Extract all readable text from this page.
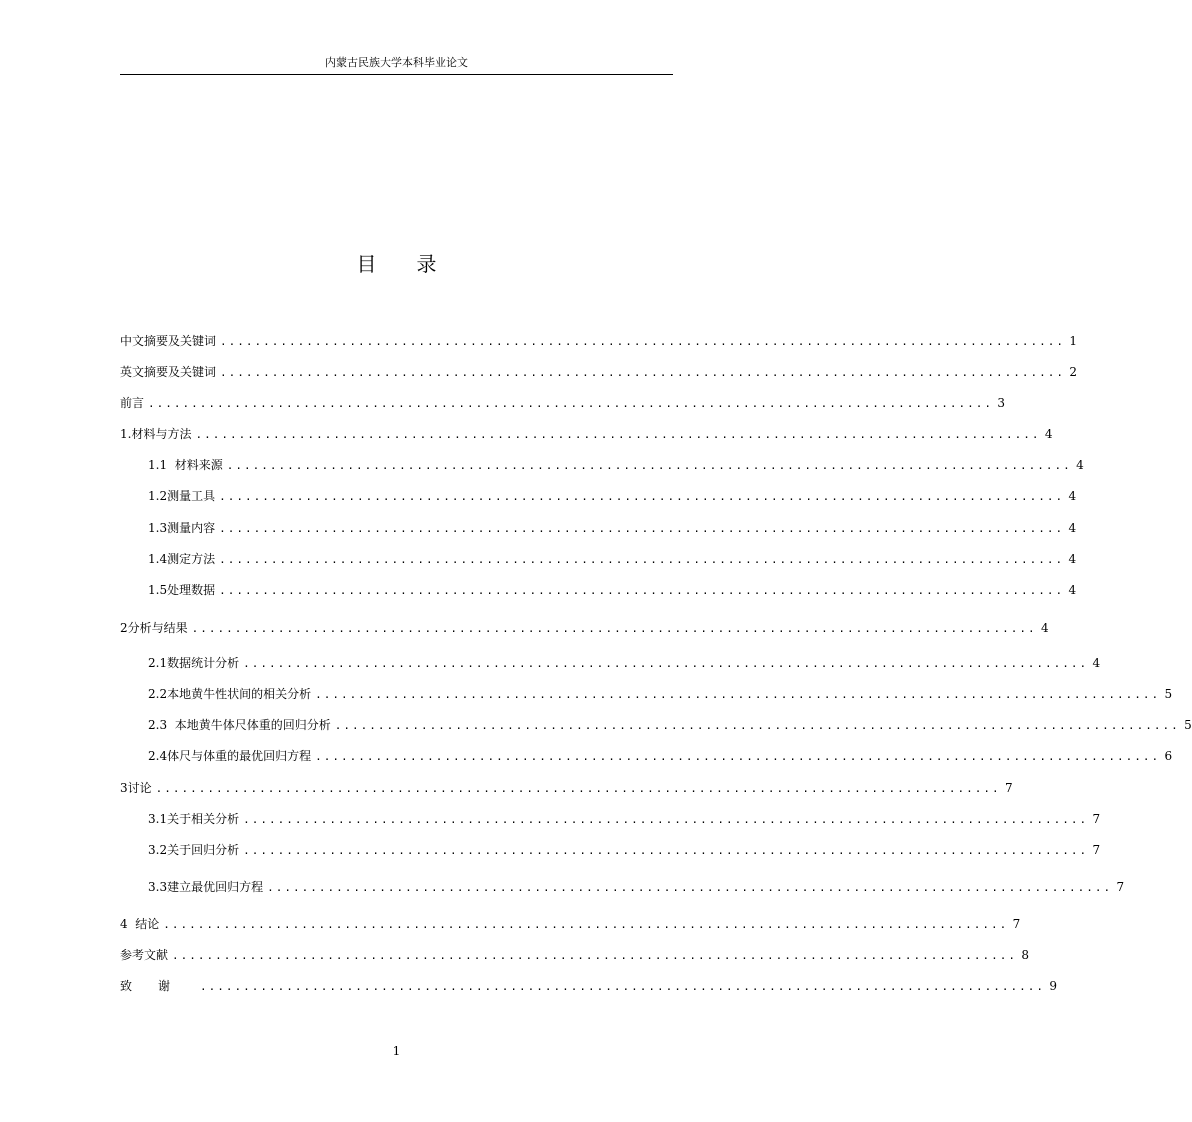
内蒙古民族大学本科毕业论文
目　　录
中文摘要及关键词 .................................................................................................. 1
英文摘要及关键词 .................................................................................................. 2
前言 .................................................................................................. 3
1.材料与方法 .................................................................................................. 4
1.1  材料来源 .................................................................................................. 4
1.2测量工具 .................................................................................................. 4
1.3测量内容 .................................................................................................. 4
1.4测定方法 .................................................................................................. 4
1.5处理数据 .................................................................................................. 4
2分析与结果 .................................................................................................. 4
2.1数据统计分析 .................................................................................................. 4
2.2本地黄牛性状间的相关分析 .................................................................................................. 5
2.3  本地黄牛体尺体重的回归分析 .................................................................................................. 5
2.4体尺与体重的最优回归方程 .................................................................................................. 6
3讨论 .................................................................................................. 7
3.1关于相关分析 .................................................................................................. 7
3.2关于回归分析 .................................................................................................. 7
3.3建立最优回归方程 .................................................................................................. 7
4  结论 .................................................................................................. 7
参考文献 .................................................................................................. 8
致谢 .................................................................................................. 9
1
